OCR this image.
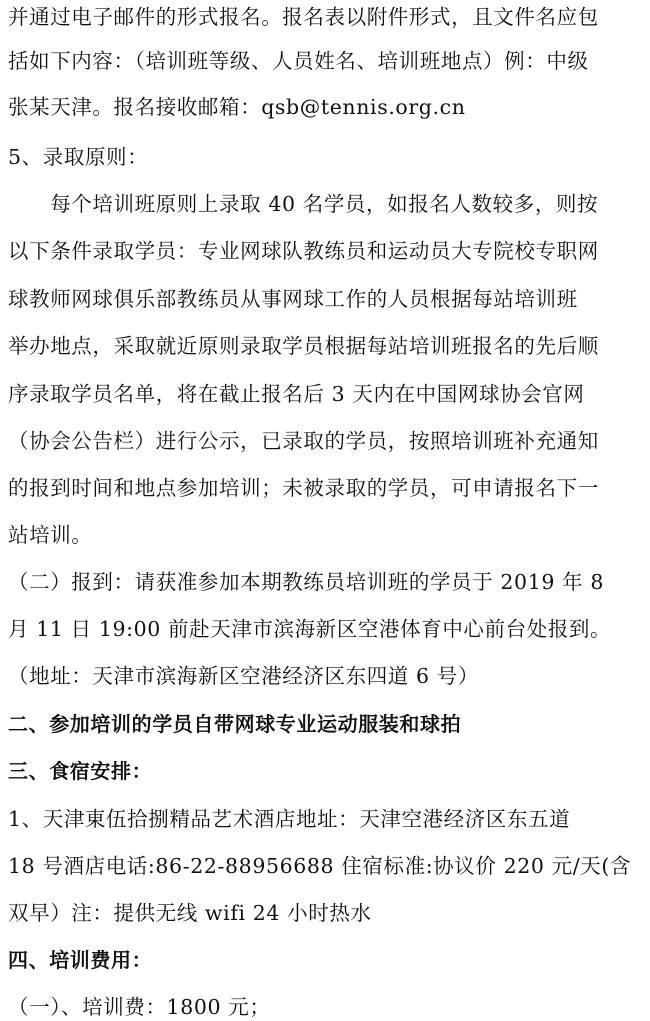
并通过电子邮件的形式报名。报名表以附件形式，且文件名应包
括如下内容：（培训班等级、人员姓名、培训班地点）例：中级
张某天津。报名接收邮箱：qsb@tennis.org.cn
5、录取原则：
　　每个培训班原则上录取 40 名学员，如报名人数较多，则按
以下条件录取学员：专业网球队教练员和运动员大专院校专职网
球教师网球俱乐部教练员从事网球工作的人员根据每站培训班
举办地点，采取就近原则录取学员根据每站培训班报名的先后顺
序录取学员名单，将在截止报名后 3 天内在中国网球协会官网
（协会公告栏）进行公示，已录取的学员，按照培训班补充通知
的报到时间和地点参加培训；未被录取的学员，可申请报名下一
站培训。
（二）报到：请获准参加本期教练员培训班的学员于 2019 年 8
月 11 日 19:00 前赴天津市滨海新区空港体育中心前台处报到。
（地址：天津市滨海新区空港经济区东四道 6 号）
二、参加培训的学员自带网球专业运动服装和球拍
三、食宿安排：
1、天津東伍拾捌精品艺术酒店地址：天津空港经济区东五道
18 号酒店电话:86-22-88956688 住宿标准:协议价 220 元/天(含
双早）注：提供无线 wifi 24 小时热水
四、培训费用：
（一）、培训费：1800 元；
